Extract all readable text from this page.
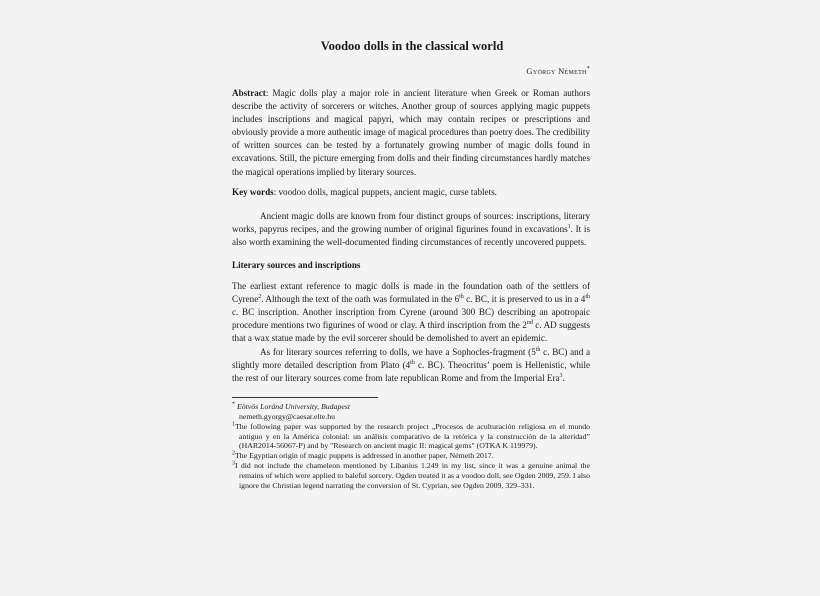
Voodoo dolls in the classical world
György Németh*

Abstract: Magic dolls play a major role in ancient literature when Greek or Roman authors describe the activity of sorcerers or witches. Another group of sources applying magic puppets includes inscriptions and magical papyri, which may contain recipes or prescriptions and obviously provide a more authentic image of magical procedures than poetry does. The credibility of written sources can be tested by a fortunately growing number of magic dolls found in excavations. Still, the picture emerging from dolls and their finding circumstances hardly matches the magical operations implied by literary sources.

Key words: voodoo dolls, magical puppets, ancient magic, curse tablets.

Ancient magic dolls are known from four distinct groups of sources: inscriptions, literary works, papyrus recipes, and the growing number of original figurines found in excavations$^1$. It is also worth examining the well-documented finding circumstances of recently uncovered puppets.

Literary sources and inscriptions

The earliest extant reference to magic dolls is made in the foundation oath of the settlers of Cyrene$^2$. Although the text of the oath was formulated in the 6th c. BC, it is preserved to us in a 4th c. BC inscription. Another inscription from Cyrene (around 300 BC) describing an apotropaic procedure mentions two figurines of wood or clay. A third inscription from the 2nd c. AD suggests that a wax statue made by the evil sorcerer should be demolished to avert an epidemic.

As for literary sources referring to dolls, we have a Sophocles-fragment (5th c. BC) and a slightly more detailed description from Plato (4th c. BC). Theocritus’ poem is Hellenistic, while the rest of our literary sources come from late republican Rome and from the Imperial Era$^3$.

* Eötvös Loránd University, Budapest
nemeth.gyorgy@caesar.elte.hu
$^1$The following paper was supported by the research project „Procesos de aculturación religiosa en el mundo antiguo y en la América colonial: un análisis comparativo de la retórica y la construcción de la alteridad” (HAR2014-56067-P) and by "Research on ancient magic II: magical gems" (OTKA K 119979).
$^2$The Egyptian origin of magic puppets is addressed in another paper, Németh 2017.
$^3$I did not include the chameleon mentioned by Libanius 1.249 in my list, since it was a genuine animal the remains of which were applied to baleful sorcery. Ogden treated it as a voodoo doll, see Ogden 2009, 259. I also ignore the Christian legend narrating the conversion of St. Cyprian, see Ogden 2009, 329–331.
